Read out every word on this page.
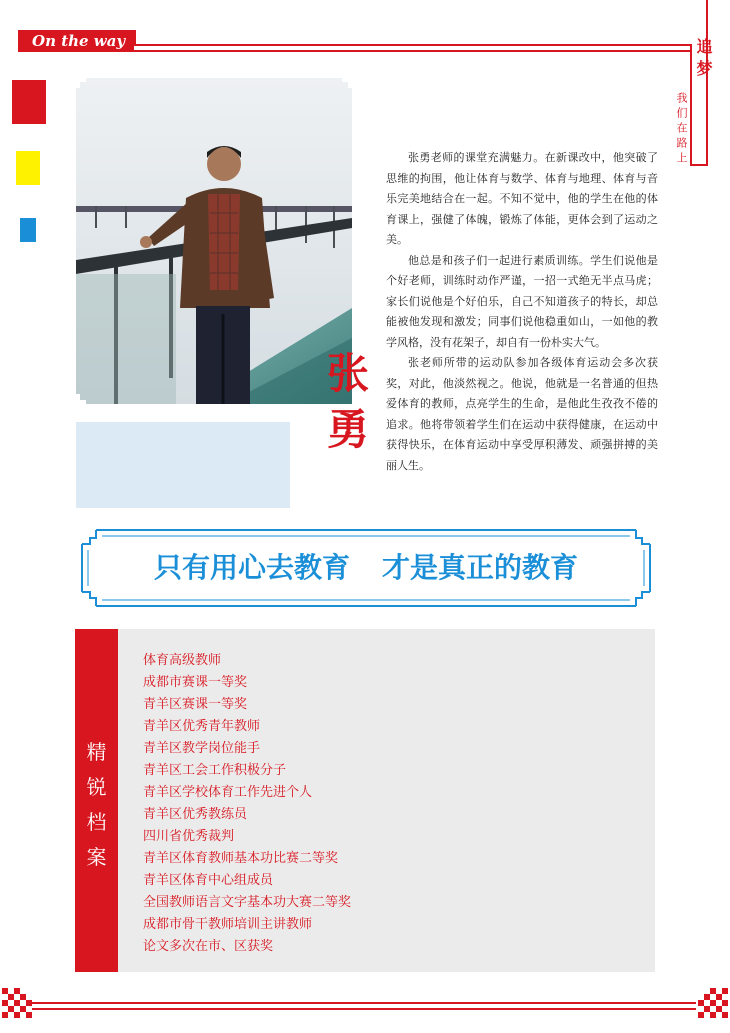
On the way	追梦
我们在路上
张
勇

张勇老师的课堂充满魅力。在新课改中，他突破了思维的拘围，他让体育与数学、体育与地理、体育与音乐完美地结合在一起。不知不觉中，他的学生在他的体育课上，强健了体魄，锻炼了体能，更体会到了运动之美。

他总是和孩子们一起进行素质训练。学生们说他是个好老师，训练时动作严谨，一招一式绝无半点马虎；家长们说他是个好伯乐，自己不知道孩子的特长，却总能被他发现和激发；同事们说他稳重如山，一如他的教学风格，没有花架子，却自有一份朴实大气。

张老师所带的运动队参加各级体育运动会多次获奖，对此，他淡然视之。他说，他就是一名普通的但热爱体育的教师，点亮学生的生命，是他此生孜孜不倦的追求。他将带领着学生们在运动中获得健康，在运动中获得快乐，在体育运动中享受厚积薄发、顽强拼搏的美丽人生。

只有用心去教育 才是真正的教育
精
锐
档
案
体育高级教师
成都市赛课一等奖
青羊区赛课一等奖
青羊区优秀青年教师
青羊区教学岗位能手
青羊区工会工作积极分子
青羊区学校体育工作先进个人
青羊区优秀教练员
四川省优秀裁判
青羊区体育教师基本功比赛二等奖
青羊区体育中心组成员
全国教师语言文字基本功大赛二等奖
成都市骨干教师培训主讲教师
论文多次在市、区获奖
